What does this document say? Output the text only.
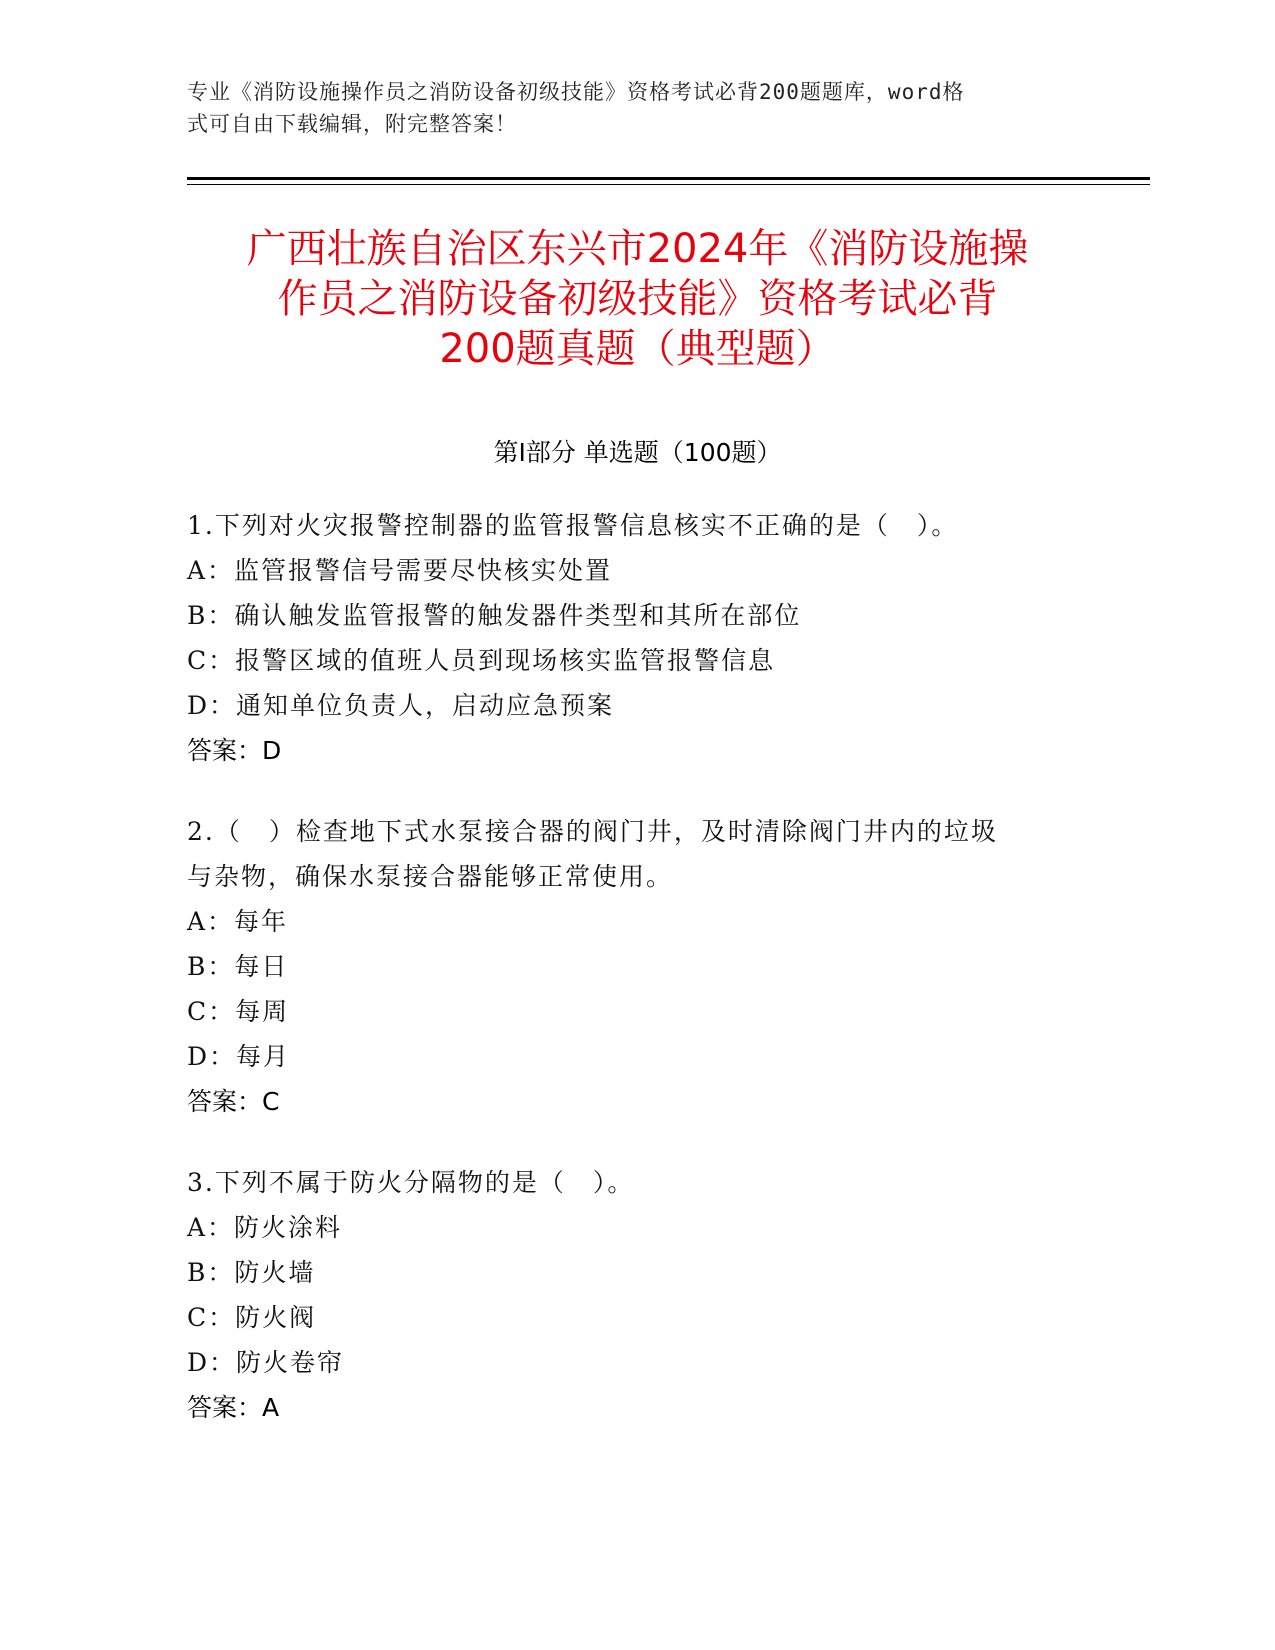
专业《消防设施操作员之消防设备初级技能》资格考试必背200题题库，word格
式可自由下载编辑，附完整答案！
广西壮族自治区东兴市2024年《消防设施操
作员之消防设备初级技能》资格考试必背
200题真题（典型题）
第Ⅰ部分 单选题（100题）
1.下列对火灾报警控制器的监管报警信息核实不正确的是（　）。
A：监管报警信号需要尽快核实处置
B：确认触发监管报警的触发器件类型和其所在部位
C：报警区域的值班人员到现场核实监管报警信息
D：通知单位负责人，启动应急预案
答案：D
2.（　）检查地下式水泵接合器的阀门井，及时清除阀门井内的垃圾
与杂物，确保水泵接合器能够正常使用。
A：每年
B：每日
C：每周
D：每月
答案：C
3.下列不属于防火分隔物的是（　）。
A：防火涂料
B：防火墙
C：防火阀
D：防火卷帘
答案：A
